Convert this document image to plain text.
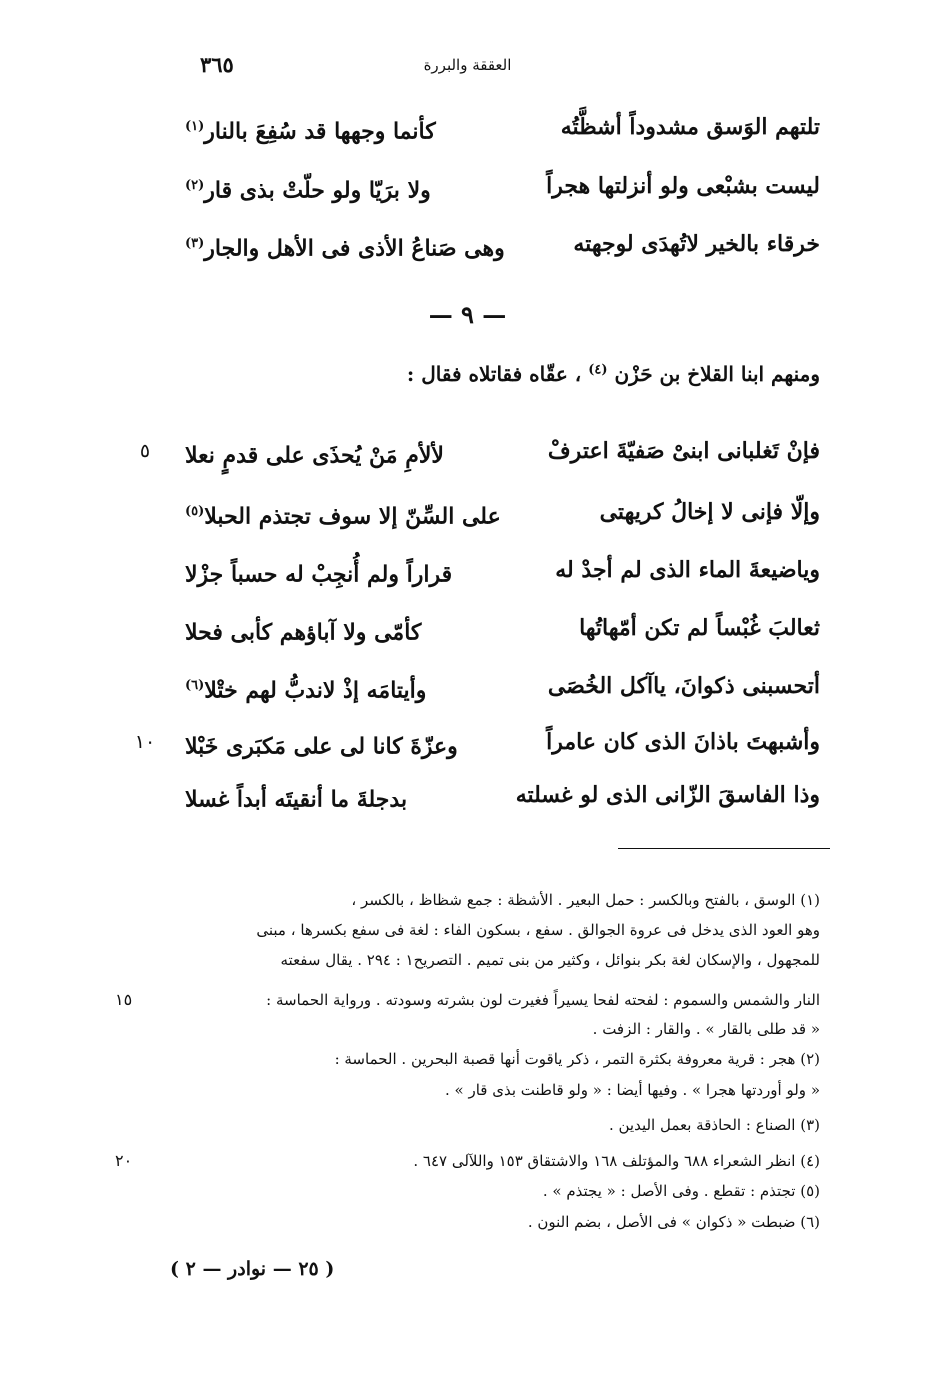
٣٦٥	العققة والبررة
تلتهم الوَسق مشدوداً أشظَّتُه
كأنما وجهها قد سُفِعَ بالنار$^{(١)}$
ليست بشبْعى ولو أنزلتها هجراً
ولا برَيّا ولو حلّتْ بذى قار$^{(٢)}$
خرقاء بالخير لاتُهدَى لوجهته
وهى صَناعُ الأذى فى الأهل والجار$^{(٣)}$
— ٩ —
ومنهم ابنا القلاخ بن حَزْن $^{(٤)}$ ، عقّاه فقاتلاه فقال :
٥	فإنْ تَغلبانى ابنىْ صَفيّةَ اعترفْ
لألأمِ مَنْ يُحذَى على قدمٍ نعلا
وإلّا فإنى لا إخالُ كريهتى
على السِّنّ إلا سوف تجتذم الحبلا$^{(٥)}$
وياضيعةَ الماء الذى لم أجدْ له
قراراً ولم أُنجِبْ له حسباً جزْلا
ثعالبَ غُبْساً لم تكن أمّهاتُها
كأمّى ولا آباؤهم كأبى فحلا
أتحسبنى ذكوانَ، ياآكل الخُصَى
وأيتامَه إذْ لاندبُّ لهم ختْلا$^{(٦)}$
١٠	وأشبهتَ باذانَ الذى كان عامراً
وعزّةَ كانا لى على مَكبَرى خَبْلا
وذا الفاسقَ الزّانى الذى لو غسلته
بدجلةَ ما أنقيتَه أبداً غسلا
(١) الوسق ، بالفتح وبالكسر : حمل البعير . الأشظة : جمع شظاظ ، بالكسر ،
وهو العود الذى يدخل فى عروة الجوالق . سفع ، بسكون الفاء : لغة فى سفع بكسرها ، مبنى
للمجهول ، والإسكان لغة بكر بنوائل ، وكثير من بنى تميم . التصريح١ : ٢٩٤ . يقال سفعته
النار والشمس والسموم : لفحته لفحا يسيراً فغيرت لون بشرته وسودته . ورواية الحماسة :
١٥
« قد طلى بالقار » . والقار : الزفت .
(٢) هجر : قرية معروفة بكثرة التمر ، ذكر ياقوت أنها قصبة البحرين . الحماسة :
« ولو أوردتها هجرا » . وفيها أيضا : « ولو قاطنت بذى قار » .
(٣) الصناع : الحاذقة بعمل اليدين .
(٤) انظر الشعراء ٦٨٨ والمؤتلف ١٦٨ والاشتقاق ١٥٣ واللآلى ٦٤٧ .
٢٠
(٥) تجتذم : تقطع . وفى الأصل : « يجتذم » .
(٦) ضبطت « ذكوان » فى الأصل ، بضم النون .
( ٢٥ — نوادر — ٢ )
